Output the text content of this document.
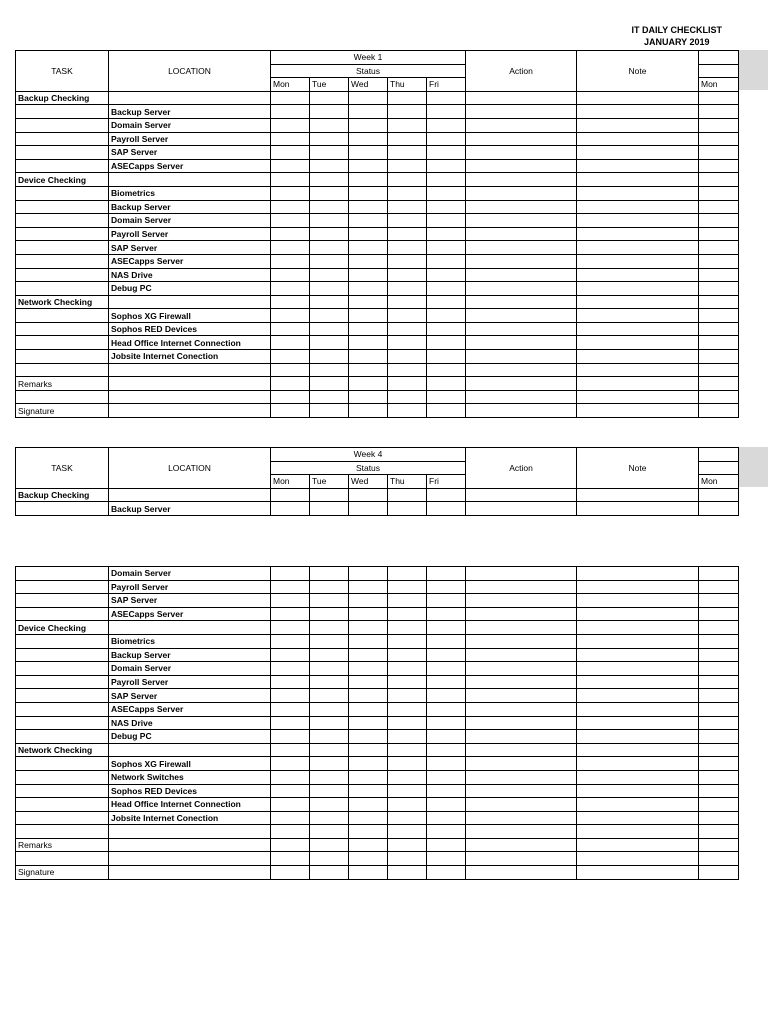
IT DAILY CHECKLIST
JANUARY 2019
TASK	LOCATION	Week 1					Action	Note	
		Status							
		Mon	Tue	Wed	Thu	Fri			Mon
Backup Checking									
	Backup Server								
	Domain Server								
	Payroll Server								
	SAP Server								
	ASECapps Server								
Device Checking									
	Biometrics								
	Backup Server								
	Domain Server								
	Payroll Server								
	SAP Server								
	ASECapps Server								
	NAS Drive								
	Debug PC								
Network Checking									
	Sophos XG Firewall								
	Sophos RED Devices								
	Head Office Internet Connection								
	Jobsite Internet Conection								

Remarks									

Signature									
TASK	LOCATION	Week 4					Action	Note	
		Status							
		Mon	Tue	Wed	Thu	Fri			Mon
Backup Checking									
	Backup Server								
	Domain Server								
	Payroll Server								
	SAP Server								
	ASECapps Server								
Device Checking									
	Biometrics								
	Backup Server								
	Domain Server								
	Payroll Server								
	SAP Server								
	ASECapps Server								
	NAS Drive								
	Debug PC								
Network Checking									
	Sophos XG Firewall								
	Network Switches								
	Sophos RED Devices								
	Head Office Internet Connection								
	Jobsite Internet Conection								

Remarks									

Signature									
